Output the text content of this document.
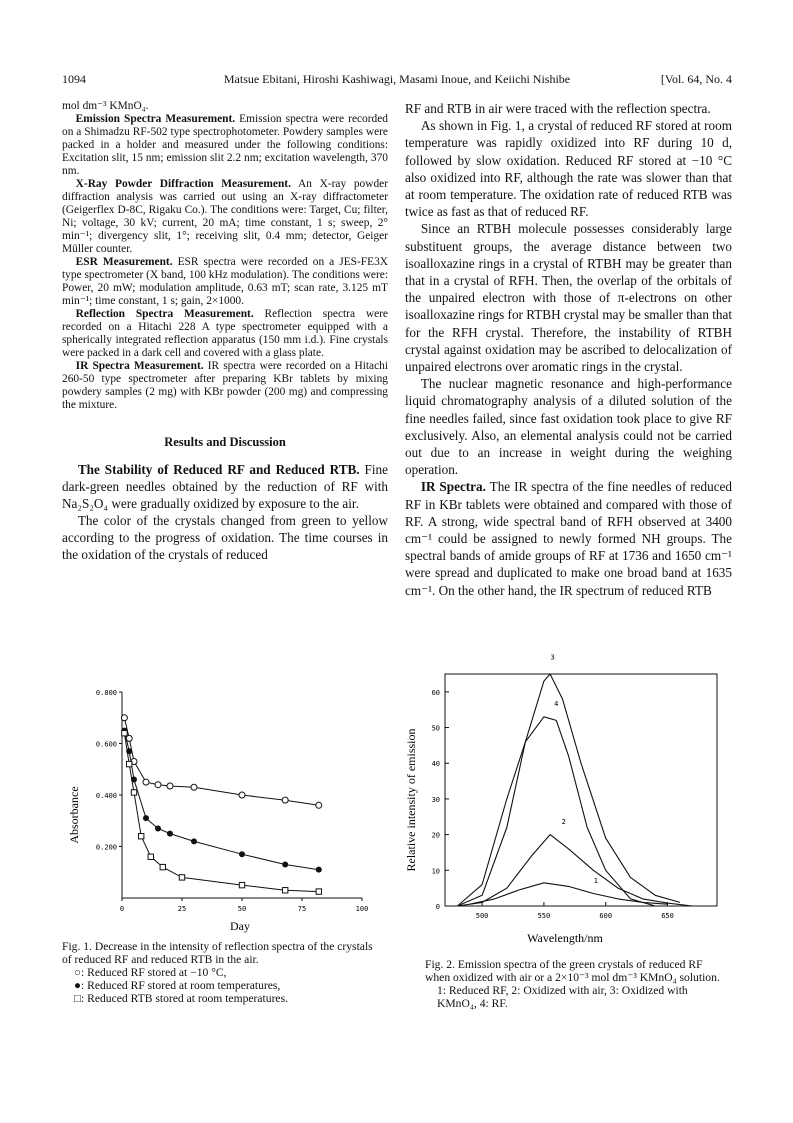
1094	Matsue Ebitani, Hiroshi Kashiwagi, Masami Inoue, and Keiichi Nishibe	[Vol. 64, No. 4

mol dm⁻³ KMnO₄.

Emission Spectra Measurement. Emission spectra were recorded on a Shimadzu RF-502 type spectrophotometer. Powdery samples were packed in a holder and measured under the following conditions: Excitation slit, 15 nm; emission slit 2.2 nm; excitation wavelength, 370 nm.

X-Ray Powder Diffraction Measurement. An X-ray powder diffraction analysis was carried out using an X-ray diffractometer (Geigerflex D-8C, Rigaku Co.). The conditions were: Target, Cu; filter, Ni; voltage, 30 kV; current, 20 mA; time constant, 1 s; sweep, 2° min⁻¹; divergency slit, 1°; receiving slit, 0.4 mm; detector, Geiger Müller counter.

ESR Measurement. ESR spectra were recorded on a JES-FE3X type spectrometer (X band, 100 kHz modulation). The conditions were: Power, 20 mW; modulation amplitude, 0.63 mT; scan rate, 3.125 mT min⁻¹; time constant, 1 s; gain, 2×1000.

Reflection Spectra Measurement. Reflection spectra were recorded on a Hitachi 228 A type spectrometer equipped with a spherically integrated reflection apparatus (150 mm i.d.). Fine crystals were packed in a dark cell and covered with a glass plate.

IR Spectra Measurement. IR spectra were recorded on a Hitachi 260-50 type spectrometer after preparing KBr tablets by mixing powdery samples (2 mg) with KBr powder (200 mg) and compressing the mixture.

Results and Discussion

The Stability of Reduced RF and Reduced RTB. Fine dark-green needles obtained by the reduction of RF with Na₂S₂O₄ were gradually oxidized by exposure to the air.

The color of the crystals changed from green to yellow according to the progress of oxidation. The time courses in the oxidation of the crystals of reduced

RF and RTB in air were traced with the reflection spectra.

As shown in Fig. 1, a crystal of reduced RF stored at room temperature was rapidly oxidized into RF during 10 d, followed by slow oxidation. Reduced RF stored at −10 °C also oxidized into RF, although the rate was slower than that at room temperature. The oxidation rate of reduced RTB was twice as fast as that of reduced RF.

Since an RTBH molecule possesses considerably large substituent groups, the average distance between two isoalloxazine rings in a crystal of RTBH may be greater than that in a crystal of RFH. Then, the overlap of the orbitals of the unpaired electron with those of π-electrons on other isoalloxazine rings for RTBH crystal may be smaller than that for the RFH crystal. Therefore, the instability of RTBH crystal against oxidation may be ascribed to delocalization of unpaired electrons over aromatic rings in the crystal.

The nuclear magnetic resonance and high-performance liquid chromatography analysis of a diluted solution of the fine needles failed, since fast oxidation took place to give RF exclusively. Also, an elemental analysis could not be carried out due to an increase in weight during the weighing operation.

IR Spectra. The IR spectra of the fine needles of reduced RF in KBr tablets were obtained and compared with those of RF. A strong, wide spectral band of RFH observed at 3400 cm⁻¹ could be assigned to newly formed NH groups. The spectral bands of amide groups of RF at 1736 and 1650 cm⁻¹ were spread and duplicated to make one broad band at 1635 cm⁻¹. On the other hand, the IR spectrum of reduced RTB

0.800
0.600
0.400
0.200
0	25	50	75	100
Absorbance
Day
Fig. 1. Decrease in the intensity of reflection spectra of the crystals of reduced RF and reduced RTB in the air.
○: Reduced RF stored at −10 °C,
●: Reduced RF stored at room temperatures,
□: Reduced RTB stored at room temperatures.
60
50
40
30
20
10
0
500	550	600	650
1
2
3
4
Relative intensity of emission
Wavelength/nm
Fig. 2. Emission spectra of the green crystals of reduced RF when oxidized with air or a 2×10⁻³ mol dm⁻³ KMnO₄ solution.
1: Reduced RF, 2: Oxidized with air, 3: Oxidized with KMnO₄, 4: RF.
